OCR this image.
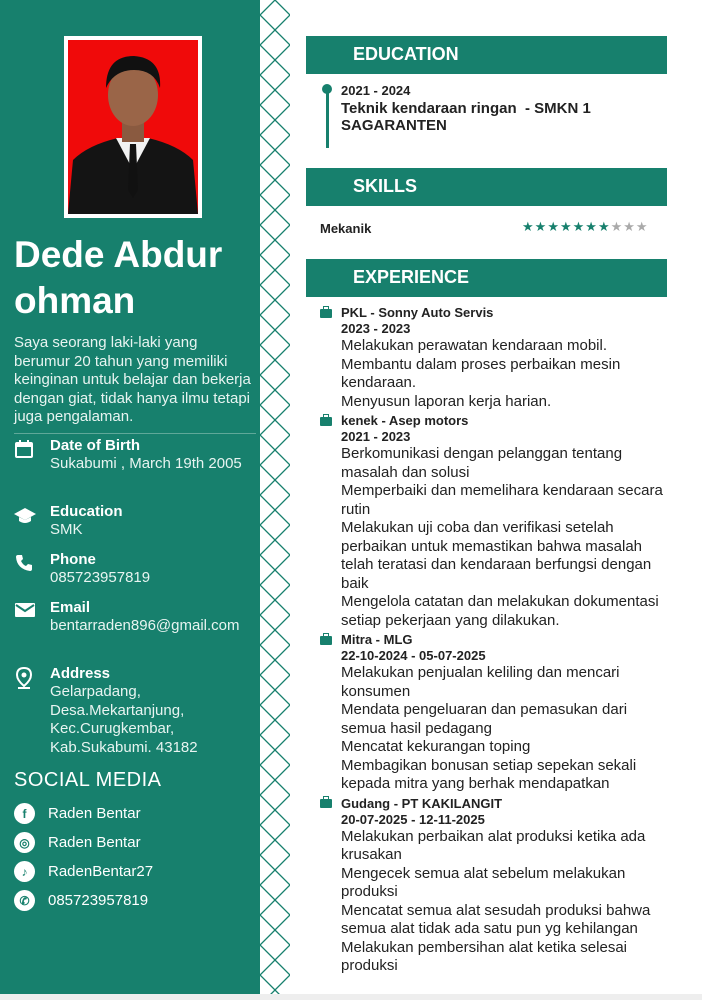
Dede Abdur ohman
Saya seorang laki-laki yang berumur 20 tahun yang memiliki keinginan untuk belajar dan bekerja dengan giat, tidak hanya ilmu tetapi juga pengalaman.
Date of Birth
Sukabumi , March 19th 2005
Education
SMK
Phone
085723957819
Email
bentarraden896@gmail.com
Address
Gelarpadang, Desa.Mekartanjung, Kec.Curugkembar, Kab.Sukabumi. 43182
SOCIAL MEDIA
f	Raden Bentar
◎	Raden Bentar
♪	RadenBentar27
✆	085723957819
EDUCATION
2021 - 2024
Teknik kendaraan ringan  - SMKN 1 SAGARANTEN
SKILLS
Mekanik	★★★★★★★★★★
EXPERIENCE
PKL - Sonny Auto Servis
2023 - 2023
Melakukan perawatan kendaraan mobil.
Membantu dalam proses perbaikan mesin kendaraan.
Menyusun laporan kerja harian.
kenek - Asep motors
2021 - 2023
Berkomunikasi dengan pelanggan tentang masalah dan solusi
Memperbaiki dan memelihara kendaraan secara rutin
Melakukan uji coba dan verifikasi setelah perbaikan untuk memastikan bahwa masalah telah teratasi dan kendaraan berfungsi dengan baik
Mengelola catatan dan melakukan dokumentasi setiap pekerjaan yang dilakukan.
Mitra - MLG
22-10-2024 - 05-07-2025
Melakukan penjualan keliling dan mencari konsumen
Mendata pengeluaran dan pemasukan dari semua hasil pedagang
Mencatat kekurangan toping
Membagikan bonusan setiap sepekan sekali kepada mitra yang berhak mendapatkan
Gudang - PT KAKILANGIT
20-07-2025 - 12-11-2025
Melakukan perbaikan alat produksi ketika ada krusakan
Mengecek semua alat sebelum melakukan produksi
Mencatat semua alat sesudah produksi bahwa semua alat tidak ada satu pun yg kehilangan
Melakukan pembersihan alat ketika selesai produksi
